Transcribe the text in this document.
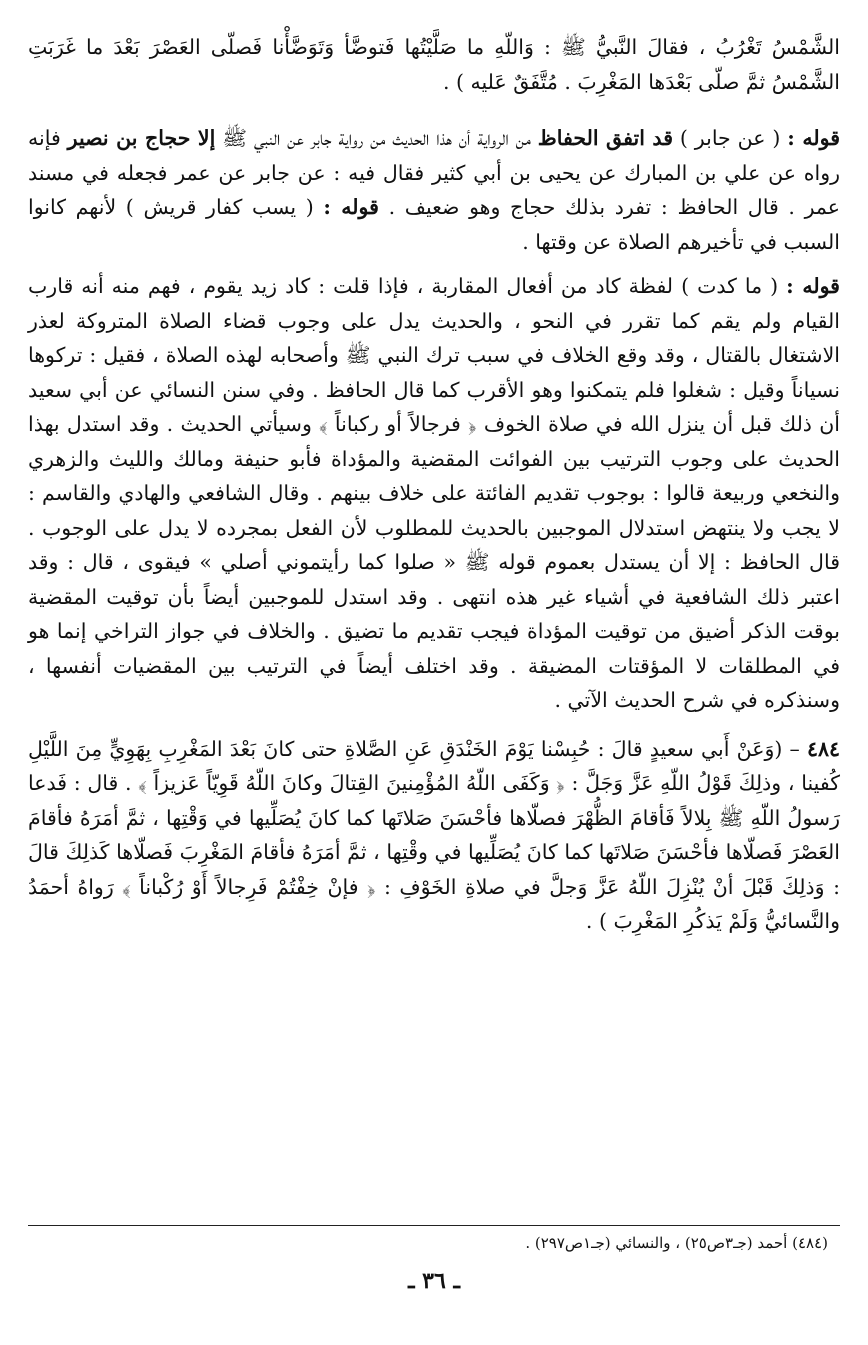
الشَّمْسُ تَغْرُبُ ، فقالَ النَّبيُّ ﷺ : وَاللّهِ ما صَلَّيْتُها فَتوضَّأ وَتَوَضَّأْنا فَصلّى العَصْرَ بَعْدَ ما غَرَبَتِ الشَّمْسُ ثمَّ صلّى بَعْدَها المَغْرِبَ . مُتَّفَقٌ عَليه ) .

قوله : ( عن جابر ) قد اتفق الحفاظ من الرواية أن هذا الحديث من رواية جابر عن النبي ﷺ إلا حجاج بن نصير فإنه رواه عن علي بن المبارك عن يحيى بن أبي كثير فقال فيه : عن جابر عن عمر فجعله في مسند عمر . قال الحافظ : تفرد بذلك حجاج وهو ضعيف . قوله : ( يسب كفار قريش ) لأنهم كانوا السبب في تأخيرهم الصلاة عن وقتها .

قوله : ( ما كدت ) لفظة كاد من أفعال المقاربة ، فإذا قلت : كاد زيد يقوم ، فهم منه أنه قارب القيام ولم يقم كما تقرر في النحو ، والحديث يدل على وجوب قضاء الصلاة المتروكة لعذر الاشتغال بالقتال ، وقد وقع الخلاف في سبب ترك النبي ﷺ وأصحابه لهذه الصلاة ، فقيل : تركوها نسياناً وقيل : شغلوا فلم يتمكنوا وهو الأقرب كما قال الحافظ . وفي سنن النسائي عن أبي سعيد أن ذلك قبل أن ينزل الله في صلاة الخوف ﴿ فرجالاً أو ركباناً ﴾ وسيأتي الحديث . وقد استدل بهذا الحديث على وجوب الترتيب بين الفوائت المقضية والمؤداة فأبو حنيفة ومالك والليث والزهري والنخعي وربيعة قالوا : بوجوب تقديم الفائتة على خلاف بينهم . وقال الشافعي والهادي والقاسم : لا يجب ولا ينتهض استدلال الموجبين بالحديث للمطلوب لأن الفعل بمجرده لا يدل على الوجوب . قال الحافظ : إلا أن يستدل بعموم قوله ﷺ « صلوا كما رأيتموني أصلي » فيقوى ، قال : وقد اعتبر ذلك الشافعية في أشياء غير هذه انتهى . وقد استدل للموجبين أيضاً بأن توقيت المقضية بوقت الذكر أضيق من توقيت المؤداة فيجب تقديم ما تضيق . والخلاف في جواز التراخي إنما هو في المطلقات لا المؤقتات المضيقة . وقد اختلف أيضاً في الترتيب بين المقضيات أنفسها ، وسنذكره في شرح الحديث الآتي .

٤٨٤ – (وَعَنْ أَبي سعيدٍ قالَ : حُبِسْنا يَوْمَ الخَنْدَقِ عَنِ الصَّلاةِ حتى كانَ بَعْدَ المَغْرِبِ بِهَوِيٍّ مِنَ اللَّيْلِ كُفينا ، وذلِكَ قَوْلُ اللّهِ عَزَّ وَجَلَّ : ﴿ وَكَفَى اللّهُ المُؤْمِنينَ القِتالَ وكانَ اللّهُ قَوِيّاً عَزيزاً ﴾ . قال : فَدعا رَسولُ اللّهِ ﷺ بِلالاً فَأقامَ الظُّهْرَ فصلّاها فأحْسَنَ صَلاتَها كما كانَ يُصَلِّيها في وَقْتِها ، ثمَّ أمَرَهُ فأقامَ العَصْرَ فَصلّاها فأحْسَنَ صَلاتَها كما كانَ يُصَلِّيها في وقْتِها ، ثمَّ أمَرَهُ فأقامَ المَغْرِبَ فَصلّاها كَذلِكَ قالَ : وَذلِكَ قَبْلَ أنْ يُنْزِلَ اللّهُ عَزَّ وَجلَّ في صلاةِ الخَوْفِ : ﴿ فإنْ خِفْتُمْ فَرِجالاً أَوْ رُكْباناً ﴾ رَواهُ أحمَدُ والنَّسائيُّ وَلَمْ يَذكُرِ المَغْرِبَ ) .

(٤٨٤) أحمد (جـ٣ص٢٥) ، والنسائي (جـ١ص٢٩٧) .

ـ ٣٦ ـ
